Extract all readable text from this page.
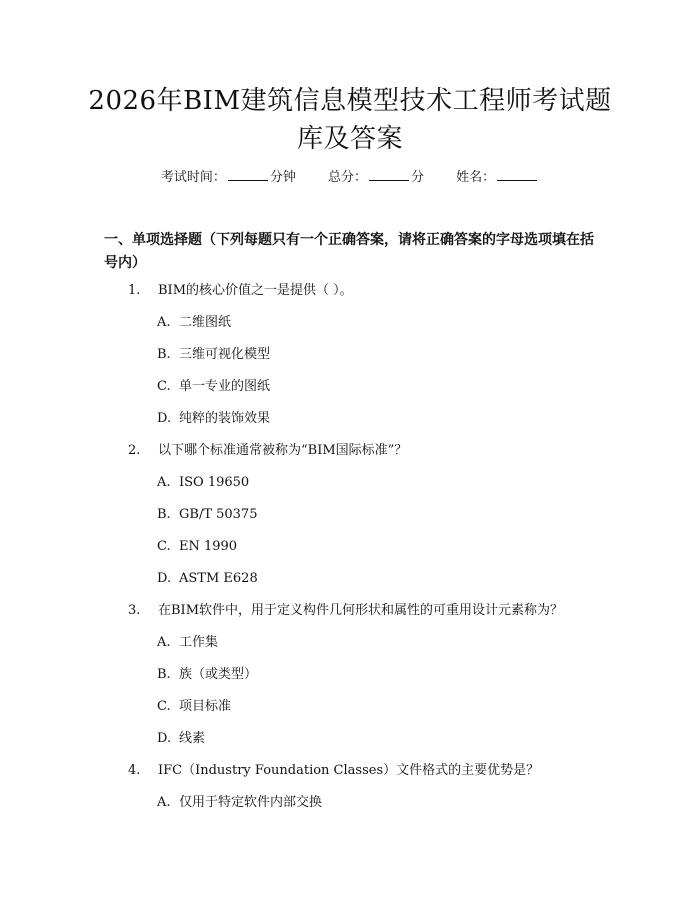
2026年BIM建筑信息模型技术工程师考试题
库及答案
考试时间：	分钟 总分：	分 姓名：
一、单项选择题（下列每题只有一个正确答案，请将正确答案的字母选项填在括号内）
1. BIM的核心价值之一是提供（ ）。
A. 二维图纸
B. 三维可视化模型
C. 单一专业的图纸
D. 纯粹的装饰效果
2. 以下哪个标准通常被称为“BIM国际标准”？
A. ISO 19650
B. GB/T 50375
C. EN 1990
D. ASTM E628
3. 在BIM软件中，用于定义构件几何形状和属性的可重用设计元素称为？
A. 工作集
B. 族（或类型）
C. 项目标准
D. 线素
4. IFC（Industry Foundation Classes）文件格式的主要优势是？
A. 仅用于特定软件内部交换
